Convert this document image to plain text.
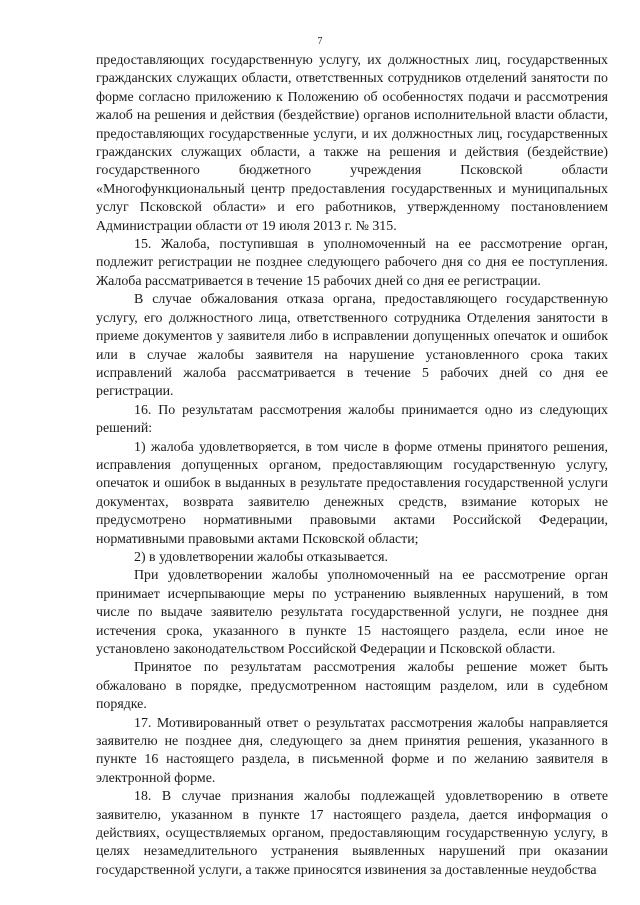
7

предоставляющих государственную услугу, их должностных лиц, государственных гражданских служащих области, ответственных сотрудников отделений занятости по форме согласно приложению к Положению об особенностях подачи и рассмотрения жалоб на решения и действия (бездействие) органов исполнительной власти области, предоставляющих государственные услуги, и их должностных лиц, государственных гражданских служащих области, а также на решения и действия (бездействие) государственного бюджетного учреждения Псковской области «Многофункциональный центр предоставления государственных и муниципальных услуг Псковской области» и его работников, утвержденному постановлением Администрации области от 19 июля 2013 г. № 315.

15. Жалоба, поступившая в уполномоченный на ее рассмотрение орган, подлежит регистрации не позднее следующего рабочего дня со дня ее поступления. Жалоба рассматривается в течение 15 рабочих дней со дня ее регистрации.

В случае обжалования отказа органа, предоставляющего государственную услугу, его должностного лица, ответственного сотрудника Отделения занятости в приеме документов у заявителя либо в исправлении допущенных опечаток и ошибок или в случае жалобы заявителя на нарушение установленного срока таких исправлений жалоба рассматривается в течение 5 рабочих дней со дня ее регистрации.

16. По результатам рассмотрения жалобы принимается одно из следующих решений:

1) жалоба удовлетворяется, в том числе в форме отмены принятого решения, исправления допущенных органом, предоставляющим государственную услугу, опечаток и ошибок в выданных в результате предоставления государственной услуги документах, возврата заявителю денежных средств, взимание которых не предусмотрено нормативными правовыми актами Российской Федерации, нормативными правовыми актами Псковской области;

2) в удовлетворении жалобы отказывается.

При удовлетворении жалобы уполномоченный на ее рассмотрение орган принимает исчерпывающие меры по устранению выявленных нарушений, в том числе по выдаче заявителю результата государственной услуги, не позднее дня истечения срока, указанного в пункте 15 настоящего раздела, если иное не установлено законодательством Российской Федерации и Псковской области.

Принятое по результатам рассмотрения жалобы решение может быть обжаловано в порядке, предусмотренном настоящим разделом, или в судебном порядке.

17. Мотивированный ответ о результатах рассмотрения жалобы направляется заявителю не позднее дня, следующего за днем принятия решения, указанного в пункте 16 настоящего раздела, в письменной форме и по желанию заявителя в электронной форме.

18. В случае признания жалобы подлежащей удовлетворению в ответе заявителю, указанном в пункте 17 настоящего раздела, дается информация о действиях, осуществляемых органом, предоставляющим государственную услугу, в целях незамедлительного устранения выявленных нарушений при оказании государственной услуги, а также приносятся извинения за доставленные неудобства
